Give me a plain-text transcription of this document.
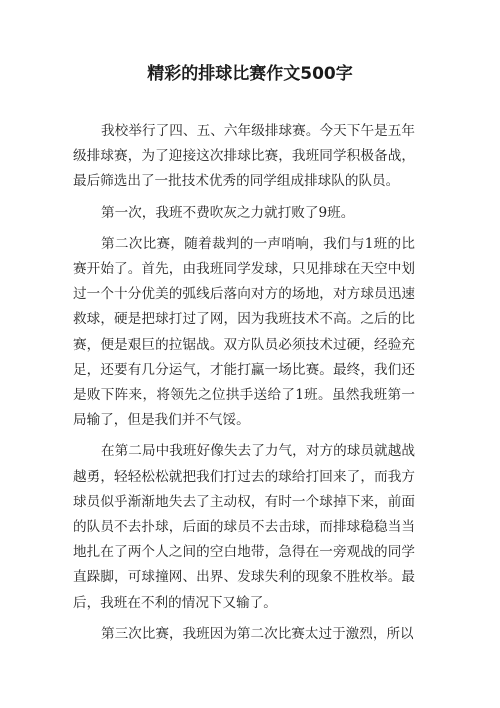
精彩的排球比赛作文500字

我校举行了四、五、六年级排球赛。今天下午是五年级排球赛，为了迎接这次排球比赛，我班同学积极备战，最后筛选出了一批技术优秀的同学组成排球队的队员。

第一次，我班不费吹灰之力就打败了9班。

第二次比赛，随着裁判的一声哨响，我们与1班的比赛开始了。首先，由我班同学发球，只见排球在天空中划过一个十分优美的弧线后落向对方的场地，对方球员迅速救球，硬是把球打过了网，因为我班技术不高。之后的比赛，便是艰巨的拉锯战。双方队员必须技术过硬，经验充足，还要有几分运气，才能打赢一场比赛。最终，我们还是败下阵来，将领先之位拱手送给了1班。虽然我班第一局输了，但是我们并不气馁。

在第二局中我班好像失去了力气，对方的球员就越战越勇，轻轻松松就把我们打过去的球给打回来了，而我方球员似乎渐渐地失去了主动权，有时一个球掉下来，前面的队员不去扑球，后面的球员不去击球，而排球稳稳当当地扎在了两个人之间的空白地带，急得在一旁观战的同学直跺脚，可球撞网、出界、发球失利的现象不胜枚举。最后，我班在不利的情况下又输了。

第三次比赛，我班因为第二次比赛太过于激烈，所以
